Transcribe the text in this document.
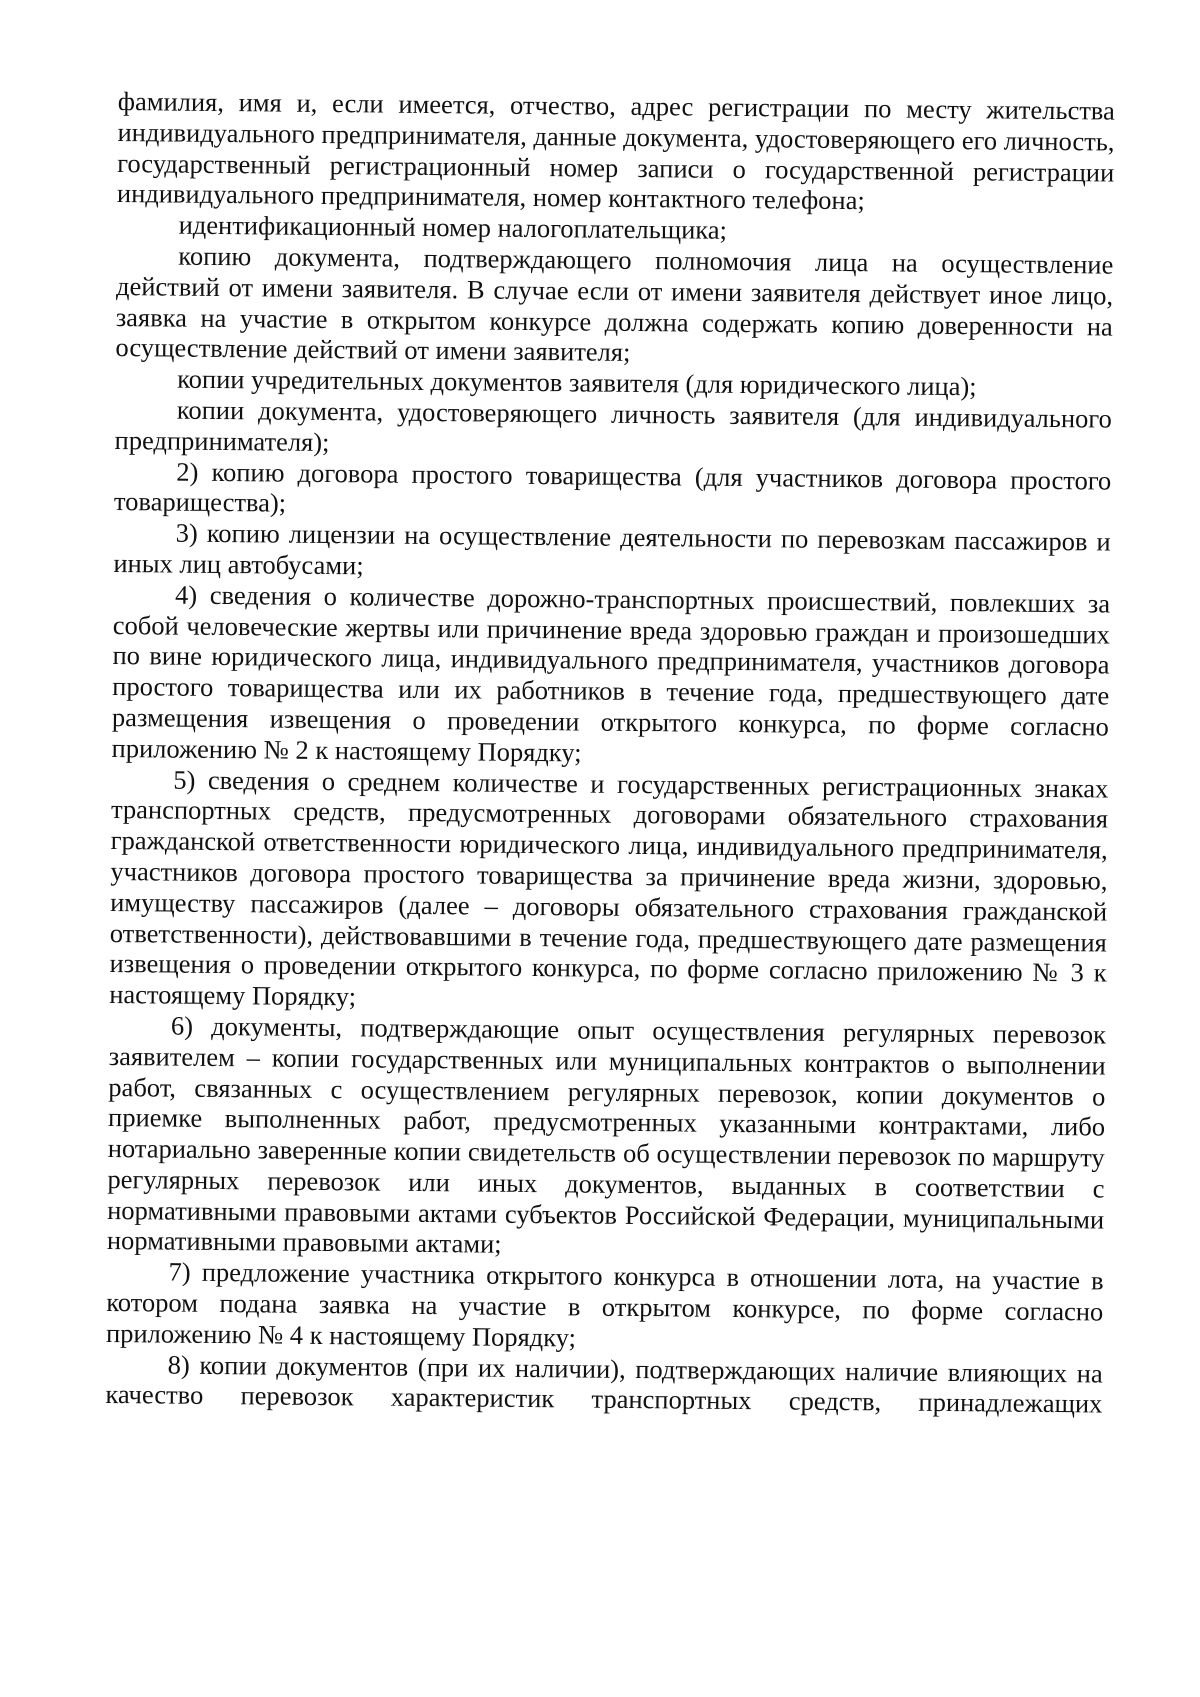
фамилия, имя и, если имеется, отчество, адрес регистрации по месту жительства индивидуального предпринимателя, данные документа, удостоверяющего его личность, государственный регистрационный номер записи о государственной регистрации индивидуального предпринимателя, номер контактного телефона;

идентификационный номер налогоплательщика;

копию документа, подтверждающего полномочия лица на осуществление действий от имени заявителя. В случае если от имени заявителя действует иное лицо, заявка на участие в открытом конкурсе должна содержать копию доверенности на осуществление действий от имени заявителя;

копии учредительных документов заявителя (для юридического лица);

копии документа, удостоверяющего личность заявителя (для индивидуального предпринимателя);

2) копию договора простого товарищества (для участников договора простого товарищества);

3) копию лицензии на осуществление деятельности по перевозкам пассажиров и иных лиц автобусами;

4) сведения о количестве дорожно-транспортных происшествий, повлекших за собой человеческие жертвы или причинение вреда здоровью граждан и произошедших по вине юридического лица, индивидуального предпринимателя, участников договора простого товарищества или их работников в течение года, предшествующего дате размещения извещения о проведении открытого конкурса, по форме согласно приложению № 2 к настоящему Порядку;

5) сведения о среднем количестве и государственных регистрационных знаках транспортных средств, предусмотренных договорами обязательного страхования гражданской ответственности юридического лица, индивидуального предпринимателя, участников договора простого товарищества за причинение вреда жизни, здоровью, имуществу пассажиров (далее – договоры обязательного страхования гражданской ответственности), действовавшими в течение года, предшествующего дате размещения извещения о проведении открытого конкурса, по форме согласно приложению № 3 к настоящему Порядку;

6) документы, подтверждающие опыт осуществления регулярных перевозок заявителем – копии государственных или муниципальных контрактов о выполнении работ, связанных с осуществлением регулярных перевозок, копии документов о приемке выполненных работ, предусмотренных указанными контрактами, либо нотариально заверенные копии свидетельств об осуществлении перевозок по маршруту регулярных перевозок или иных документов, выданных в соответствии с нормативными правовыми актами субъектов Российской Федерации, муниципальными нормативными правовыми актами;

7) предложение участника открытого конкурса в отношении лота, на участие в котором подана заявка на участие в открытом конкурсе, по форме согласно приложению № 4 к настоящему Порядку;

8) копии документов (при их наличии), подтверждающих наличие влияющих на качество перевозок характеристик транспортных средств, принадлежащих
